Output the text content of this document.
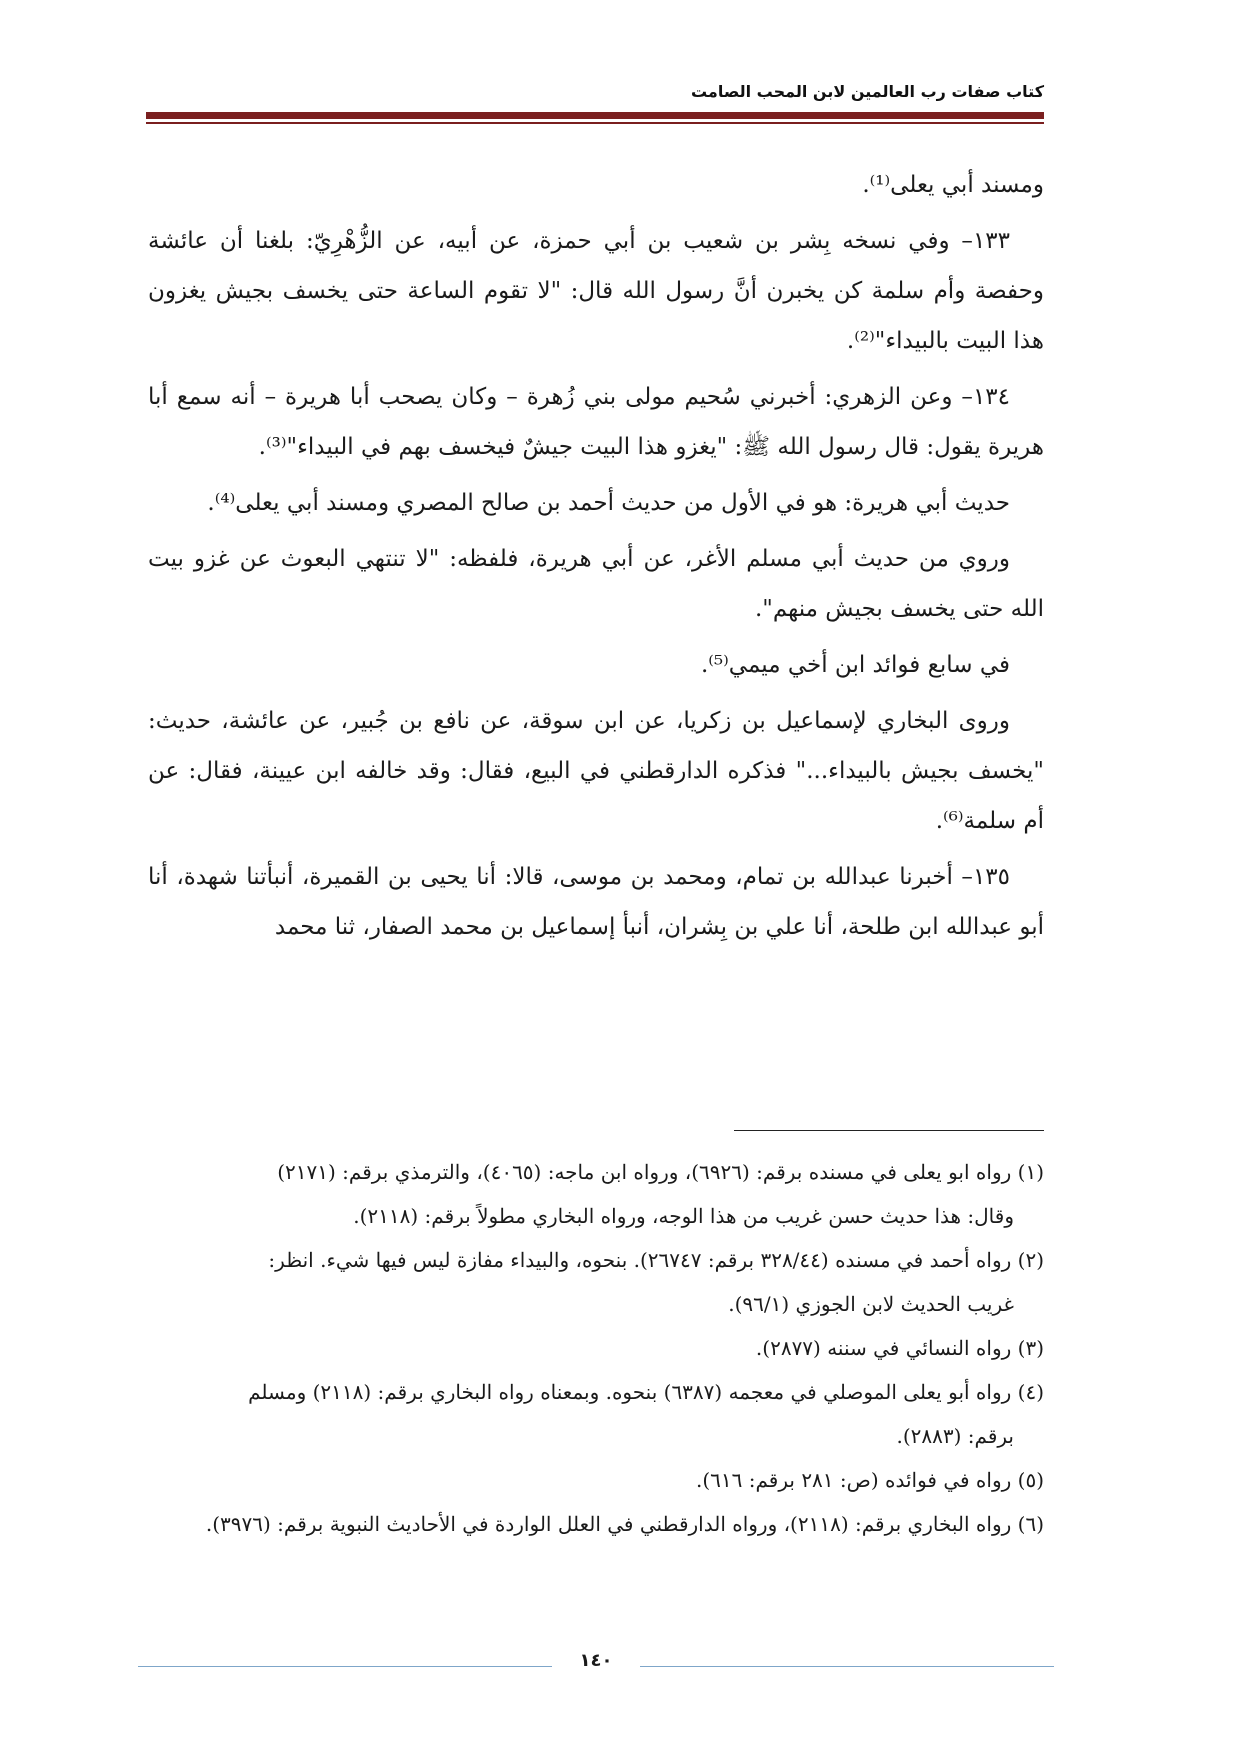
كتاب صفات رب العالمين لابن المحب الصامت

ومسند أبي يعلى⁽¹⁾.

١٣٣– وفي نسخه بِشر بن شعيب بن أبي حمزة، عن أبيه، عن الزُّهْرِيّ: بلغنا أن عائشة وحفصة وأم سلمة كن يخبرن أنَّ رسول الله قال: "لا تقوم الساعة حتى يخسف بجيش يغزون هذا البيت بالبيداء"⁽²⁾.

١٣٤– وعن الزهري: أخبرني سُحيم مولى بني زُهرة – وكان يصحب أبا هريرة – أنه سمع أبا هريرة يقول: قال رسول الله ﷺ: "يغزو هذا البيت جيشٌ فيخسف بهم في البيداء"⁽³⁾.

حديث أبي هريرة: هو في الأول من حديث أحمد بن صالح المصري ومسند أبي يعلى⁽⁴⁾.

وروي من حديث أبي مسلم الأغر، عن أبي هريرة، فلفظه: "لا تنتهي البعوث عن غزو بيت الله حتى يخسف بجيش منهم".

في سابع فوائد ابن أخي ميمي⁽⁵⁾.

وروى البخاري لإسماعيل بن زكريا، عن ابن سوقة، عن نافع بن جُبير، عن عائشة، حديث: "يخسف بجيش بالبيداء..." فذكره الدارقطني في البيع، فقال: وقد خالفه ابن عيينة، فقال: عن أم سلمة⁽⁶⁾.

١٣٥– أخبرنا عبدالله بن تمام، ومحمد بن موسى، قالا: أنا يحيى بن القميرة، أنبأتنا شهدة، أنا أبو عبدالله ابن طلحة، أنا علي بن بِشران، أنبأ إسماعيل بن محمد الصفار، ثنا محمد

(١) رواه ابو يعلى في مسنده برقم: (٦٩٢٦)، ورواه ابن ماجه: (٤٠٦٥)، والترمذي برقم: (٢١٧١)

وقال: هذا حديث حسن غريب من هذا الوجه، ورواه البخاري مطولاً برقم: (٢١١٨).

(٢) رواه أحمد في مسنده (٣٢٨/٤٤ برقم: ٢٦٧٤٧). بنحوه، والبيداء مفازة ليس فيها شيء. انظر:

غريب الحديث لابن الجوزي (٩٦/١).

(٣) رواه النسائي في سننه (٢٨٧٧).

(٤) رواه أبو يعلى الموصلي في معجمه (٦٣٨٧) بنحوه. وبمعناه رواه البخاري برقم: (٢١١٨) ومسلم

برقم: (٢٨٨٣).

(٥) رواه في فوائده (ص: ٢٨١ برقم: ٦١٦).

(٦) رواه البخاري برقم: (٢١١٨)، ورواه الدارقطني في العلل الواردة في الأحاديث النبوية برقم: (٣٩٧٦).

١٤٠
